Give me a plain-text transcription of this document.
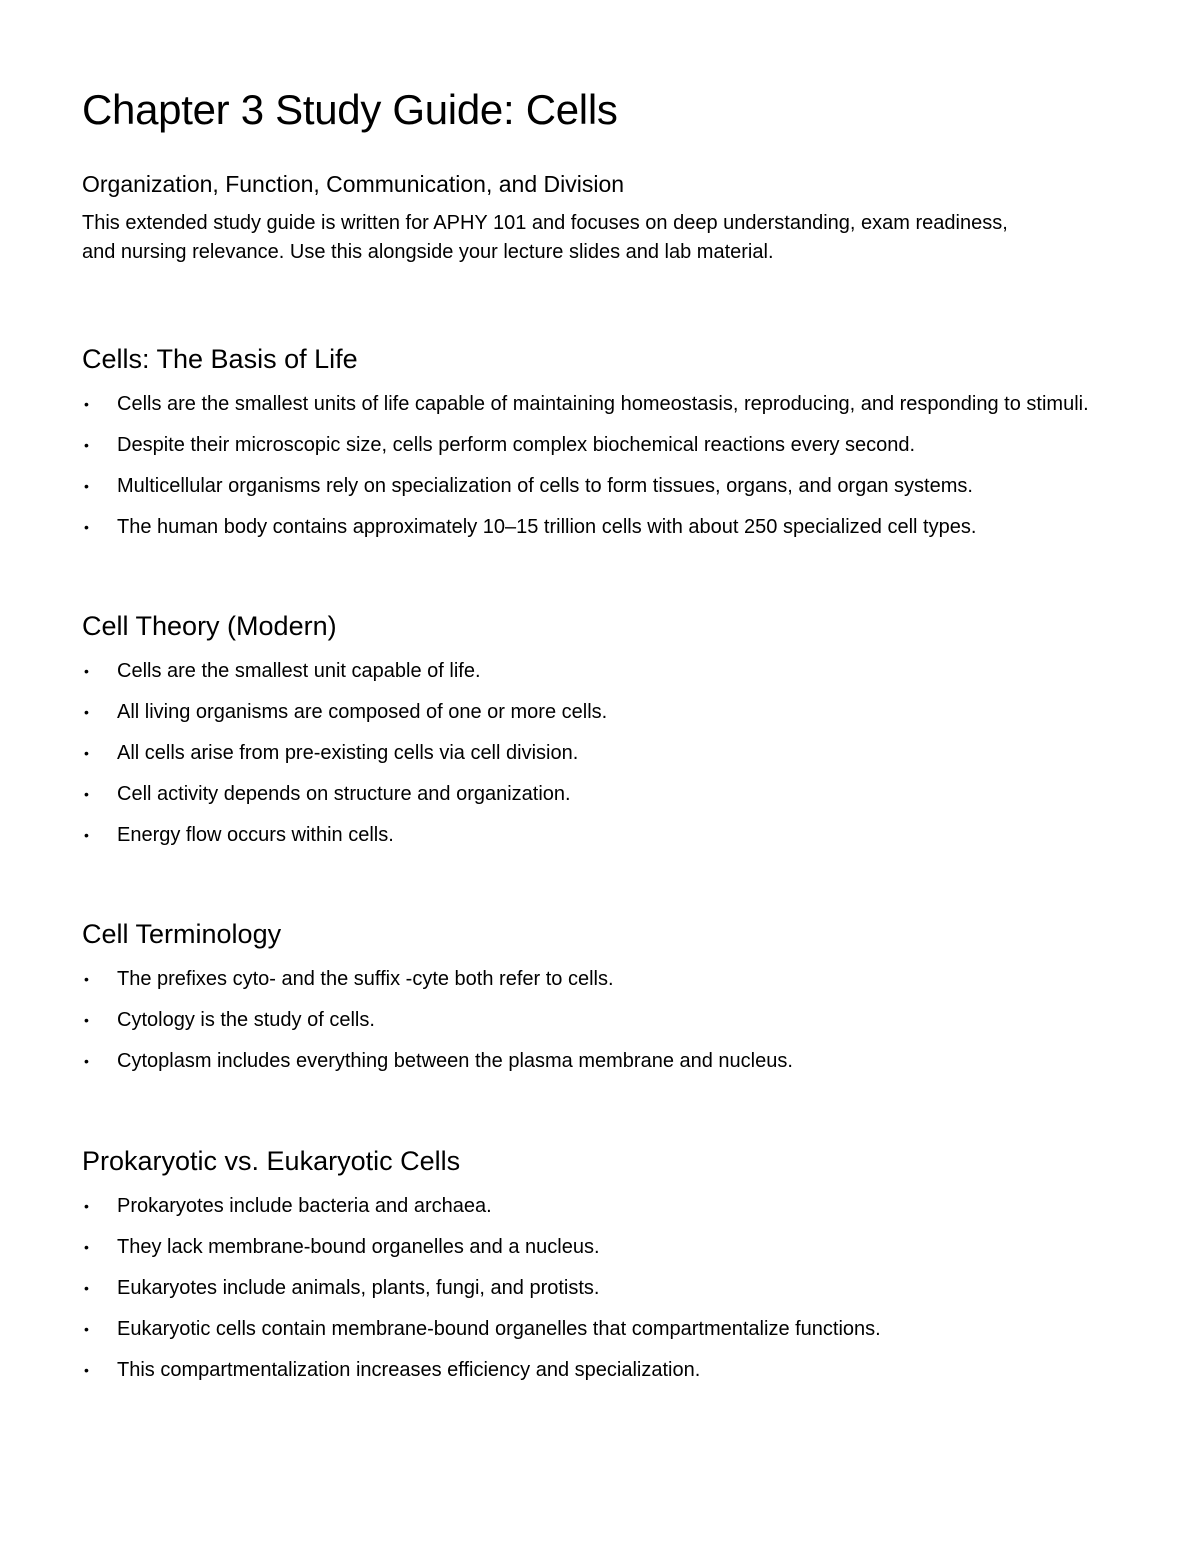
Chapter 3 Study Guide: Cells
Organization, Function, Communication, and Division

This extended study guide is written for APHY 101 and focuses on deep understanding, exam readiness, and nursing relevance. Use this alongside your lecture slides and lab material.

Cells: The Basis of Life
• Cells are the smallest units of life capable of maintaining homeostasis, reproducing, and responding to stimuli.
• Despite their microscopic size, cells perform complex biochemical reactions every second.
• Multicellular organisms rely on specialization of cells to form tissues, organs, and organ systems.
• The human body contains approximately 10–15 trillion cells with about 250 specialized cell types.
Cell Theory (Modern)
• Cells are the smallest unit capable of life.
• All living organisms are composed of one or more cells.
• All cells arise from pre-existing cells via cell division.
• Cell activity depends on structure and organization.
• Energy flow occurs within cells.
Cell Terminology
• The prefixes cyto- and the suffix -cyte both refer to cells.
• Cytology is the study of cells.
• Cytoplasm includes everything between the plasma membrane and nucleus.
Prokaryotic vs. Eukaryotic Cells
• Prokaryotes include bacteria and archaea.
• They lack membrane-bound organelles and a nucleus.
• Eukaryotes include animals, plants, fungi, and protists.
• Eukaryotic cells contain membrane-bound organelles that compartmentalize functions.
• This compartmentalization increases efficiency and specialization.
